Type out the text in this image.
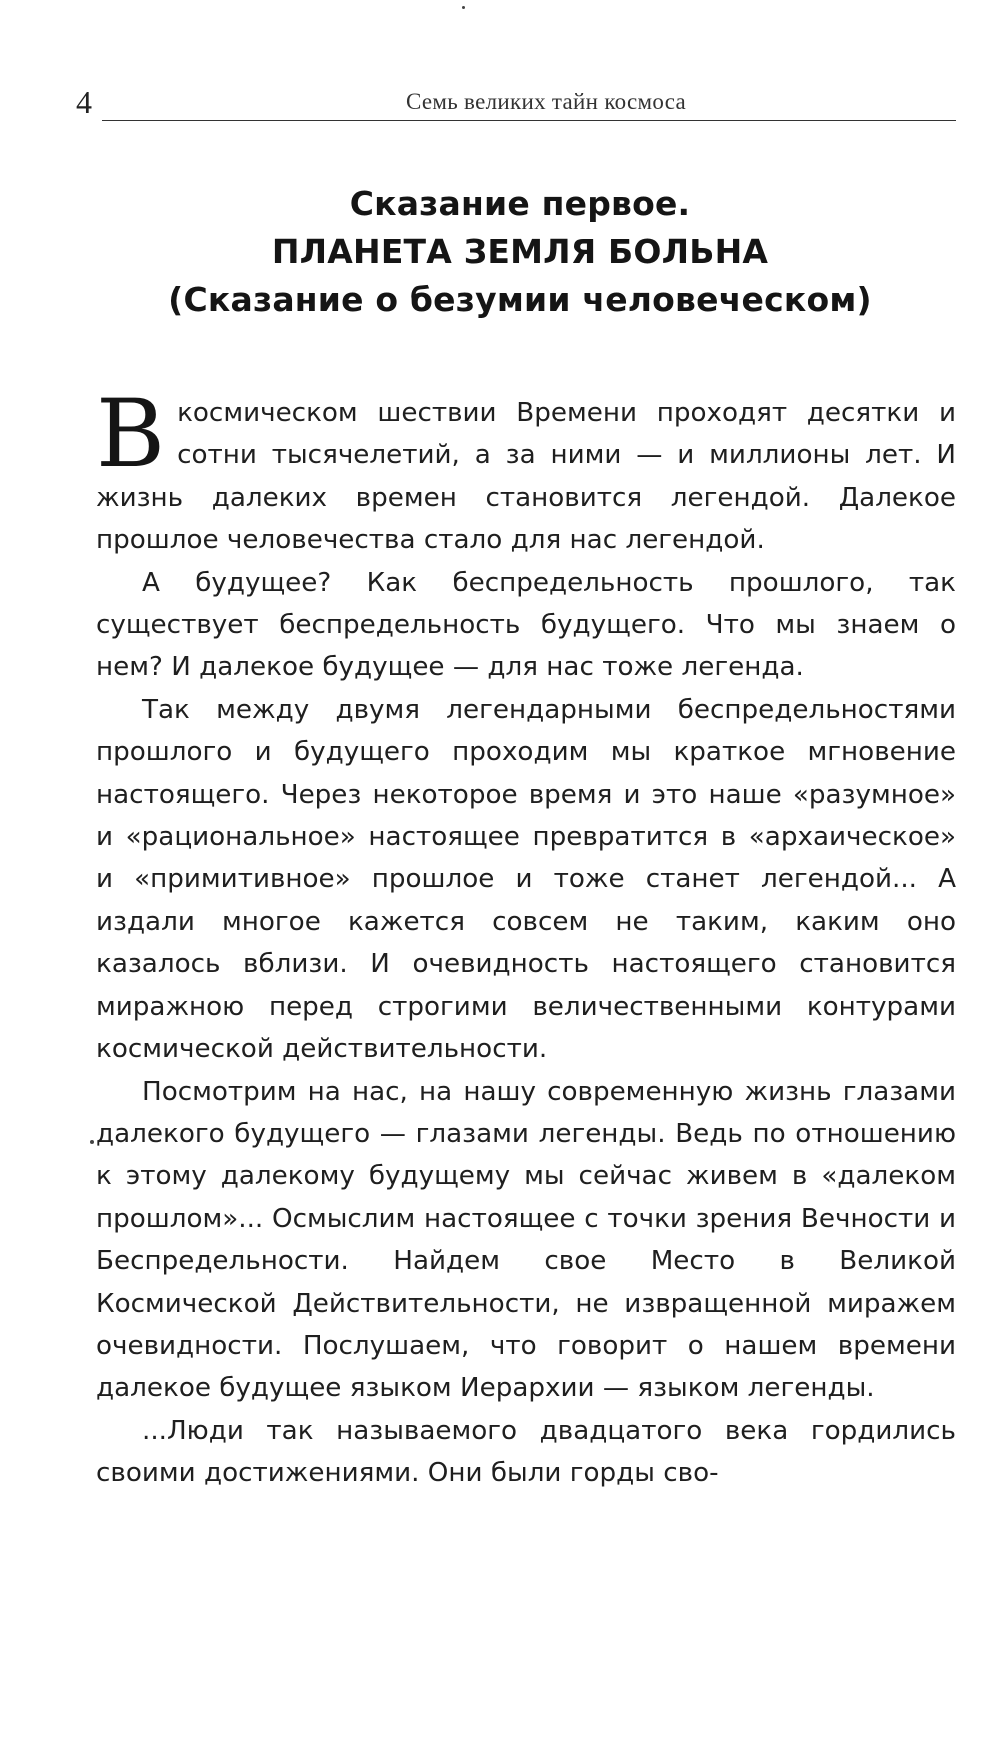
4	Семь великих тайн космоса
Сказание первое.
ПЛАНЕТА ЗЕМЛЯ БОЛЬНА
(Сказание о безумии человеческом)

В космическом шествии Времени проходят десятки и сотни тысячелетий, а за ними — и миллионы лет. И жизнь далеких времен становится легендой. Далекое прошлое человечества стало для нас легендой.

А будущее? Как беспредельность прошлого, так существует беспредельность будущего. Что мы знаем о нем? И далекое будущее — для нас тоже легенда.

Так между двумя легендарными беспредельностями прошлого и будущего проходим мы краткое мгновение настоящего. Через некоторое время и это наше «разумное» и «рациональное» настоящее превратится в «архаическое» и «примитивное» прошлое и тоже станет легендой... А издали многое кажется совсем не таким, каким оно казалось вблизи. И очевидность настоящего становится миражною перед строгими величественными контурами космической действительности.

Посмотрим на нас, на нашу современную жизнь глазами далекого будущего — глазами легенды. Ведь по отношению к этому далекому будущему мы сейчас живем в «далеком прошлом»... Осмыслим настоящее с точки зрения Вечности и Беспредельности. Найдем свое Место в Великой Космической Действительности, не извращенной миражем очевидности. Послушаем, что говорит о нашем времени далекое будущее языком Иерархии — языком легенды.

...Люди так называемого двадцатого века гордились своими достижениями. Они были горды сво-
